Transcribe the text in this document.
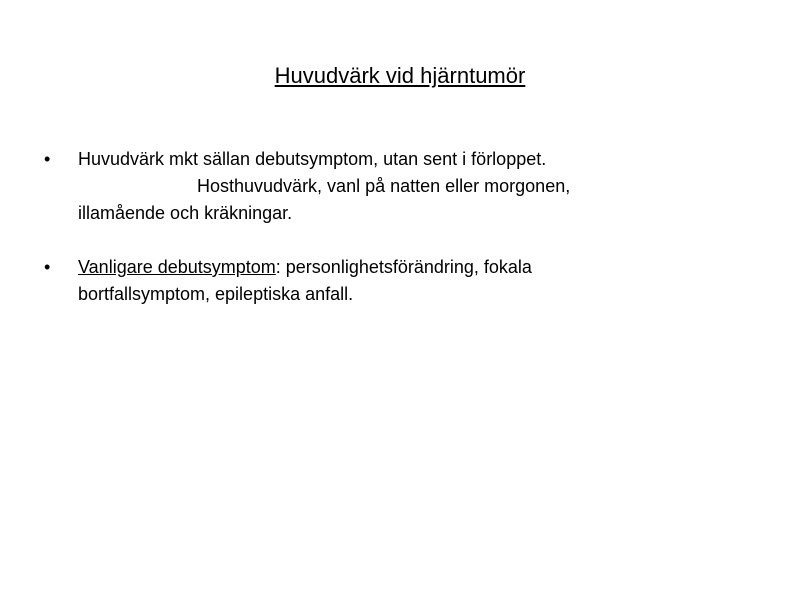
Huvudvärk vid hjärntumör
• Huvudvärk mkt sällan debutsymptom, utan sent i förloppet.
Hosthuvudvärk, vanl på natten eller morgonen,
illamående och kräkningar.
• Vanligare debutsymptom: personlighetsförändring, fokala
bortfallsymptom, epileptiska anfall.
